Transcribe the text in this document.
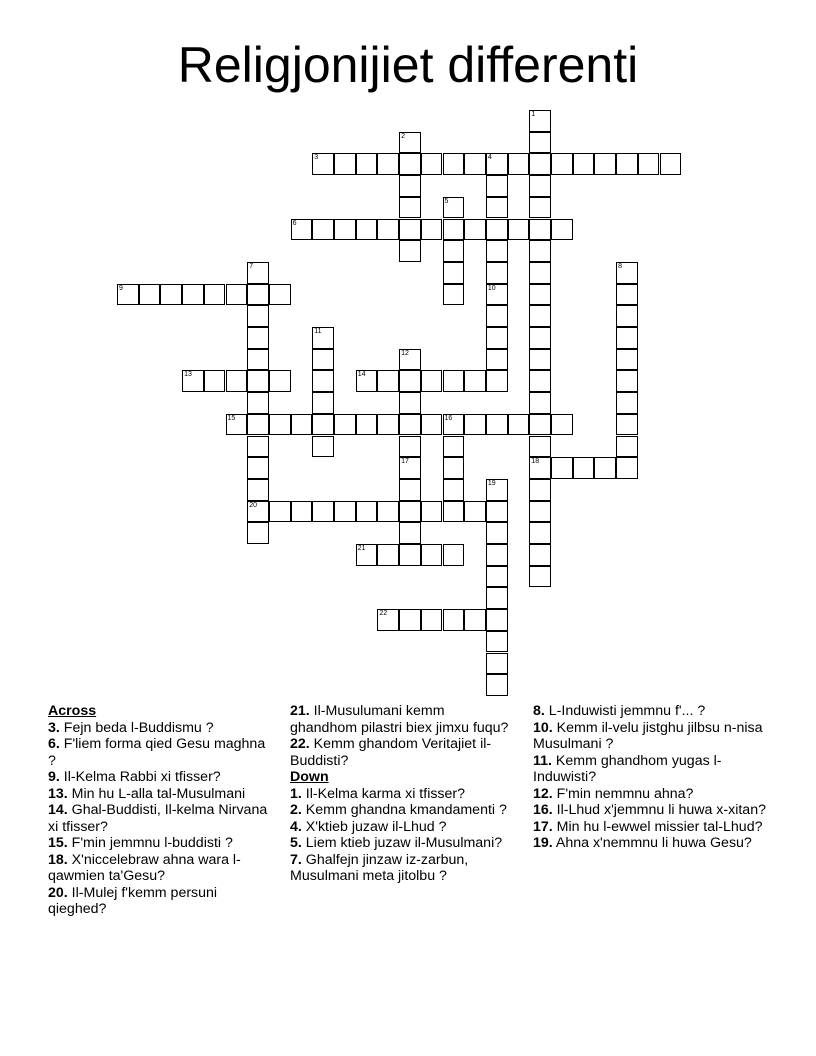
Religjonijiet differenti
1
18
2
3	4
10
5
6
7
20
8
9
11
12
13	14
15	16
17
19
21
22
Across
3. Fejn beda l-Buddismu ?
6. F'liem forma qied Gesu maghna ?
9. Il-Kelma Rabbi xi tfisser?
13. Min hu L-alla tal-Musulmani
14. Ghal-Buddisti, Il-kelma Nirvana xi tfisser?
15. F'min jemmnu l-buddisti ?
18. X'niccelebraw ahna wara l-qawmien ta'Gesu?
20. Il-Mulej f'kemm persuni qieghed?
21. Il-Musulumani kemm ghandhom pilastri biex jimxu fuqu?
22. Kemm ghandom Veritajiet il-Buddisti?
Down
1. Il-Kelma karma xi tfisser?
2. Kemm ghandna kmandamenti ?
4. X'ktieb juzaw il-Lhud ?
5. Liem ktieb juzaw il-Musulmani?
7. Ghalfejn jinzaw iz-zarbun, Musulmani meta jitolbu ?
8. L-Induwisti jemmnu f'... ?
10. Kemm il-velu jistghu jilbsu n-nisa Musulmani ?
11. Kemm ghandhom yugas l-Induwisti?
12. F'min nemmnu ahna?
16. Il-Lhud x'jemmnu li huwa x-xitan?
17. Min hu l-ewwel missier tal-Lhud?
19. Ahna x'nemmnu li huwa Gesu?
